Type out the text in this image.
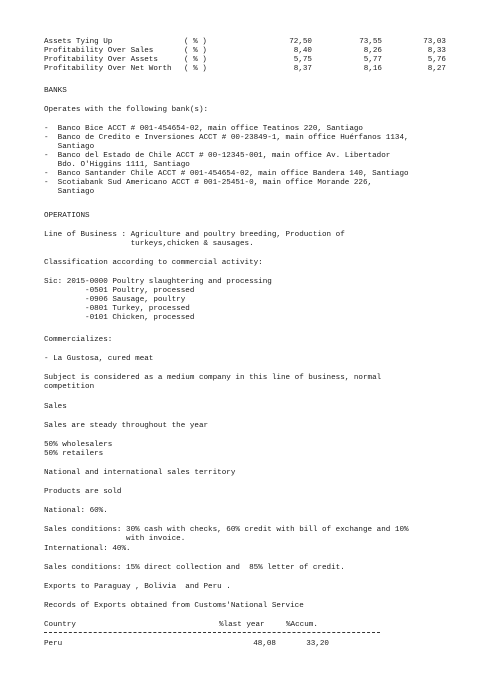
Assets Tying Up	( % )	72,50	73,55	73,03
Profitability Over Sales	( % )	8,40	8,26	8,33
Profitability Over Assets	( % )	5,75	5,77	5,76
Profitability Over Net Worth ( % )	8,37	8,16	8,27
BANKS
Operates with the following bank(s):
-  Banco Bice ACCT # 001-454654-02, main office Teatinos 220, Santiago
-  Banco de Credito e Inversiones ACCT # 00-23849-1, main office Huérfanos 1134,
Santiago
-  Banco del Estado de Chile ACCT # 00-12345-001, main office Av. Libertador
Bdo. O'Higgins 1111, Santiago
-  Banco Santander Chile ACCT # 001-454654-02, main office Bandera 140, Santiago
-  Scotiabank Sud Americano ACCT # 001-25451-0, main office Morande 226,
Santiago
OPERATIONS
Line of Business : Agriculture and poultry breeding, Production of
turkeys,chicken & sausages.
Classification according to commercial activity:
Sic: 2015-0000 Poultry slaughtering and processing
-0501 Poultry, processed
-0906 Sausage, poultry
-0801 Turkey, processed
-0101 Chicken, processed
Commercializes:
- La Gustosa, cured meat
Subject is considered as a medium company in this line of business, normal
competition
Sales
Sales are steady throughout the year
50% wholesalers
50% retailers
National and international sales territory
Products are sold
National: 60%.
Sales conditions: 30% cash with checks, 60% credit with bill of exchange and 10%
with invoice.
International: 40%.
Sales conditions: 15% direct collection and  85% letter of credit.
Exports to Paraguay , Bolivia  and Peru .
Records of Exports obtained from Customs'National Service
Country	%last year	%Accum.
Peru	48,08	33,20
